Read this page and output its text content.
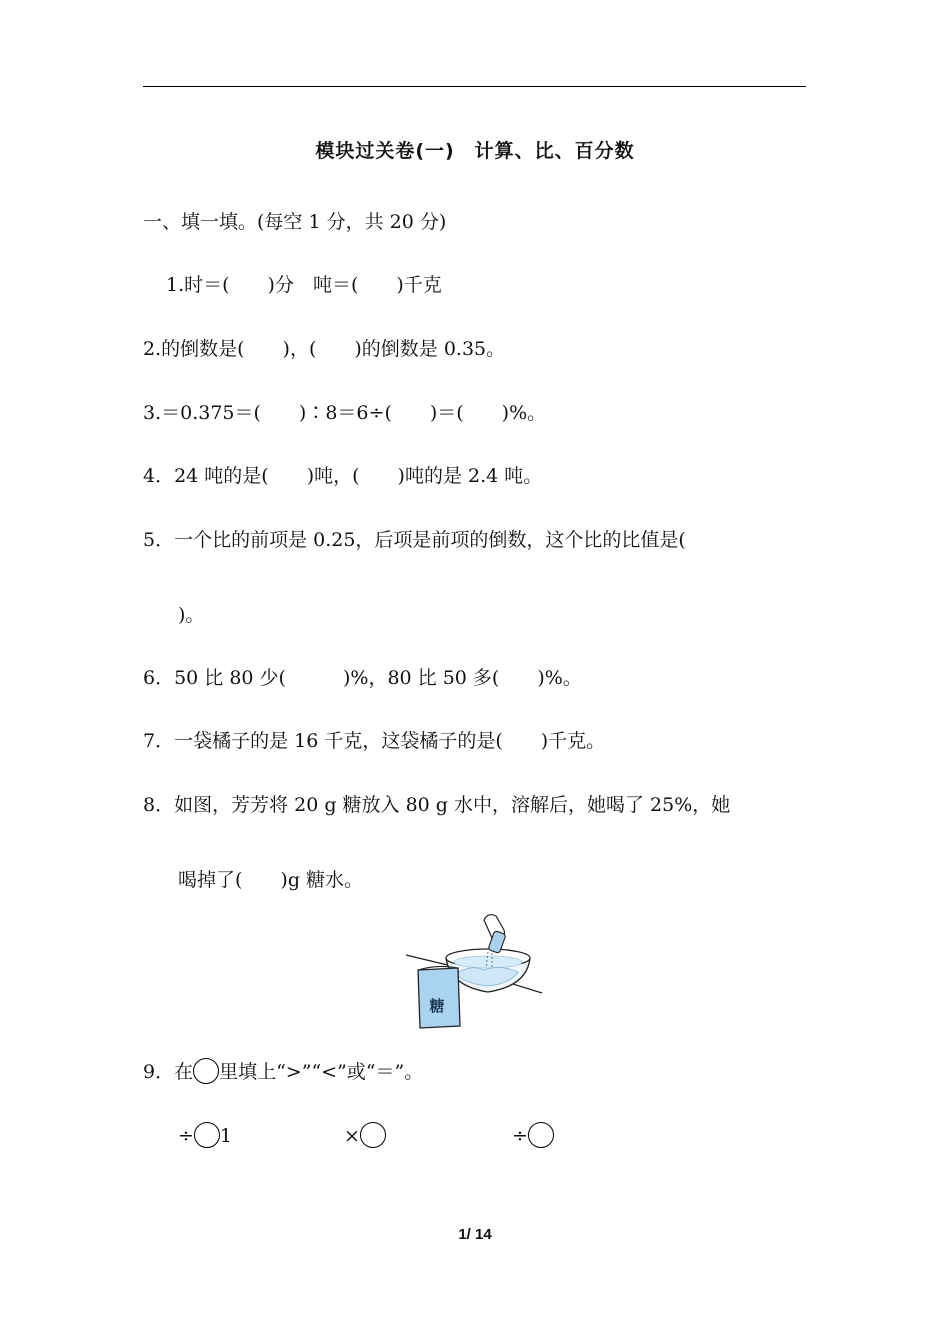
模块过关卷(一)　计算、比、百分数
一、填一填。(每空 1 分，共 20 分)
1.时＝(　　)分　吨＝(　　)千克
2.的倒数是(　　)，(　　)的倒数是 0.35。
3.＝0.375＝(　　)∶8＝6÷(　　)＝(　　)%。
4．24 吨的是(　　)吨，(　　)吨的是 2.4 吨。
5．一个比的前项是 0.25，后项是前项的倒数，这个比的比值是(
)。
6．50 比 80 少(　　　)%，80 比 50 多(　　)%。
7．一袋橘子的是 16 千克，这袋橘子的是(　　)千克。
8．如图，芳芳将 20 g 糖放入 80 g 水中，溶解后，她喝了 25%，她
喝掉了(　　)g 糖水。
糖
9．在 里填上“>”“<”或“＝”。
÷ 1	×	÷
1/ 14
